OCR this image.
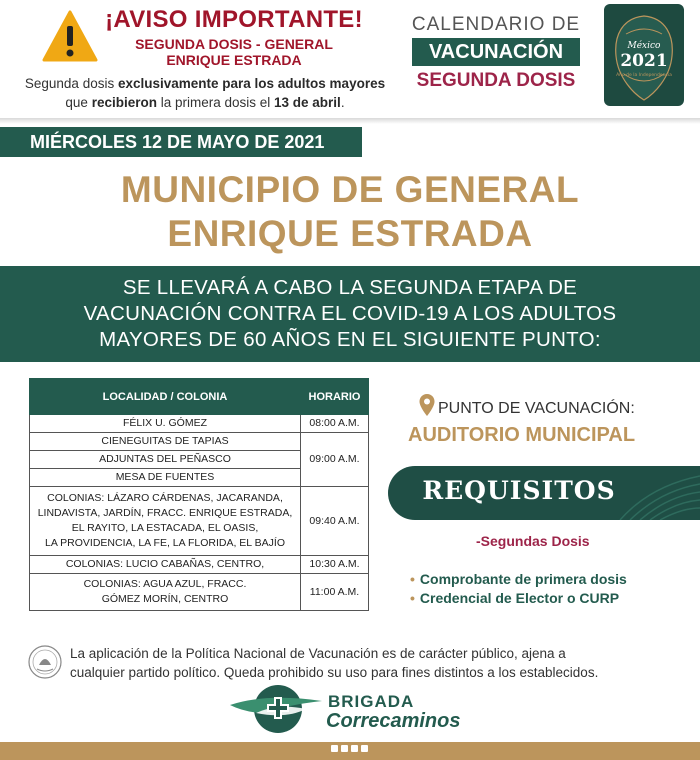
¡AVISO IMPORTANTE!
SEGUNDA DOSIS - GENERAL
ENRIQUE ESTRADA
Segunda dosis exclusivamente para los adultos mayores
que recibieron la primera dosis el 13 de abril.
CALENDARIO DE
VACUNACIÓN
SEGUNDA DOSIS
México
2021
Año de la Independencia
MIÉRCOLES 12 DE MAYO DE 2021
MUNICIPIO DE GENERAL
ENRIQUE ESTRADA
SE LLEVARÁ A CABO LA SEGUNDA ETAPA DE
VACUNACIÓN CONTRA EL COVID-19 A LOS ADULTOS
MAYORES DE 60 AÑOS EN EL SIGUIENTE PUNTO:
LOCALIDAD / COLONIA	HORARIO
FÉLIX U. GÓMEZ	08:00 A.M.
CIENEGUITAS DE TAPIAS	09:00 A.M.
ADJUNTAS DEL PEÑASCO	
MESA DE FUENTES	

COLONIAS: LÁZARO CÁRDENAS, JACARANDA,
LINDAVISTA, JARDÍN, FRACC. ENRIQUE ESTRADA,
EL RAYITO, LA ESTACADA, EL OASIS,
LA PROVIDENCIA, LA FE, LA FLORIDA, EL BAJÍO	09:40 A.M.
COLONIAS: LUCIO CABAÑAS, CENTRO,	10:30 A.M.

COLONIAS: AGUA AZUL, FRACC.
GÓMEZ MORÍN, CENTRO	11:00 A.M.
PUNTO DE VACUNACIÓN:
AUDITORIO MUNICIPAL
REQUISITOS
-Segundas Dosis
• Comprobante de primera dosis
• Credencial de Elector o CURP
La aplicación de la Política Nacional de Vacunación es de carácter público, ajena a
cualquier partido político. Queda prohibido su uso para fines distintos a los establecidos.
BRIGADA
Correcaminos
